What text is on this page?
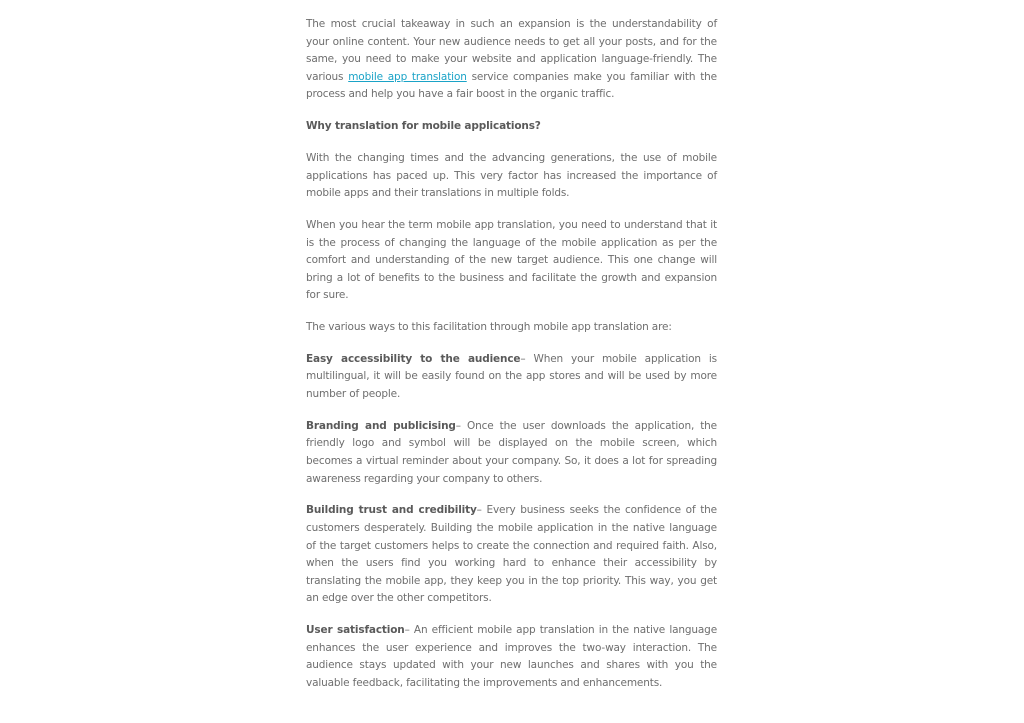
The most crucial takeaway in such an expansion is the understandability of your online content. Your new audience needs to get all your posts, and for the same, you need to make your website and application language-friendly. The various mobile app translation service companies make you familiar with the process and help you have a fair boost in the organic traffic.

Why translation for mobile applications?

With the changing times and the advancing generations, the use of mobile applications has paced up. This very factor has increased the importance of mobile apps and their translations in multiple folds.

When you hear the term mobile app translation, you need to understand that it is the process of changing the language of the mobile application as per the comfort and understanding of the new target audience. This one change will bring a lot of benefits to the business and facilitate the growth and expansion for sure.

The various ways to this facilitation through mobile app translation are:

Easy accessibility to the audience– When your mobile application is multilingual, it will be easily found on the app stores and will be used by more number of people.

Branding and publicising– Once the user downloads the application, the friendly logo and symbol will be displayed on the mobile screen, which becomes a virtual reminder about your company. So, it does a lot for spreading awareness regarding your company to others.

Building trust and credibility– Every business seeks the confidence of the customers desperately. Building the mobile application in the native language of the target customers helps to create the connection and required faith. Also, when the users find you working hard to enhance their accessibility by translating the mobile app, they keep you in the top priority. This way, you get an edge over the other competitors.

User satisfaction– An efficient mobile app translation in the native language enhances the user experience and improves the two-way interaction. The audience stays updated with your new launches and shares with you the valuable feedback, facilitating the improvements and enhancements.
